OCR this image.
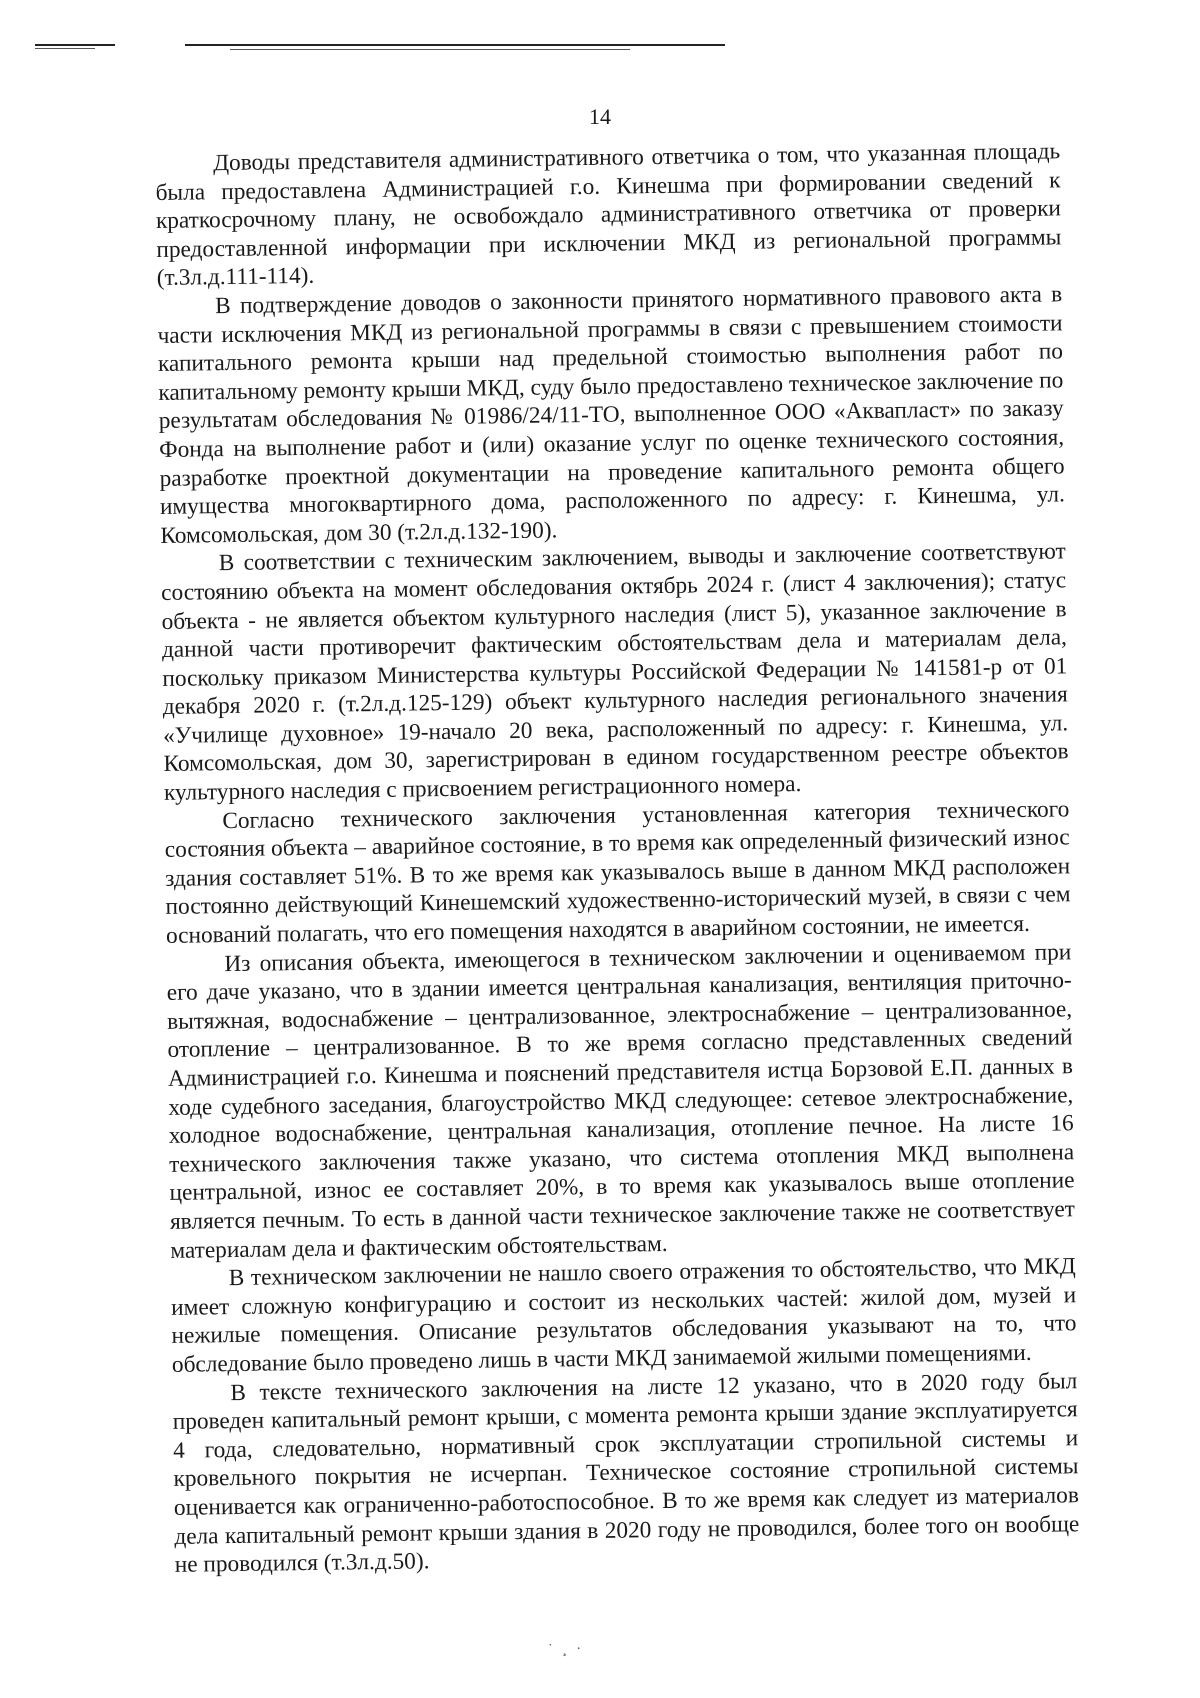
14

Доводы представителя административного ответчика о том, что указанная площадь была предоставлена Администрацией г.о. Кинешма при формировании сведений к краткосрочному плану, не освобождало административного ответчика от проверки предоставленной информации при исключении МКД из региональной программы (т.3л.д.111-114).

В подтверждение доводов о законности принятого нормативного правового акта в части исключения МКД из региональной программы в связи с превышением стоимости капитального ремонта крыши над предельной стоимостью выполнения работ по капитальному ремонту крыши МКД, суду было предоставлено техническое заключение по результатам обследования № 01986/24/11-ТО, выполненное ООО «Аквапласт» по заказу Фонда на выполнение работ и (или) оказание услуг по оценке технического состояния, разработке проектной документации на проведение капитального ремонта общего имущества многоквартирного дома, расположенного по адресу: г. Кинешма, ул. Комсомольская, дом 30 (т.2л.д.132-190).

В соответствии с техническим заключением, выводы и заключение соответствуют состоянию объекта на момент обследования октябрь 2024 г. (лист 4 заключения); статус объекта - не является объектом культурного наследия (лист 5), указанное заключение в данной части противоречит фактическим обстоятельствам дела и материалам дела, поскольку приказом Министерства культуры Российской Федерации № 141581-р от 01 декабря 2020 г. (т.2л.д.125-129) объект культурного наследия регионального значения «Училище духовное» 19-начало 20 века, расположенный по адресу: г. Кинешма, ул. Комсомольская, дом 30, зарегистрирован в едином государственном реестре объектов культурного наследия с присвоением регистрационного номера.

Согласно технического заключения установленная категория технического состояния объекта – аварийное состояние, в то время как определенный физический износ здания составляет 51%. В то же время как указывалось выше в данном МКД расположен постоянно действующий Кинешемский художественно-исторический музей, в связи с чем оснований полагать, что его помещения находятся в аварийном состоянии, не имеется.

Из описания объекта, имеющегося в техническом заключении и оцениваемом при его даче указано, что в здании имеется центральная канализация, вентиляция приточно-вытяжная, водоснабжение – централизованное, электроснабжение – централизованное, отопление – централизованное. В то же время согласно представленных сведений Администрацией г.о. Кинешма и пояснений представителя истца Борзовой Е.П. данных в ходе судебного заседания, благоустройство МКД следующее: сетевое электроснабжение, холодное водоснабжение, центральная канализация, отопление печное. На листе 16 технического заключения также указано, что система отопления МКД выполнена центральной, износ ее составляет 20%, в то время как указывалось выше отопление является печным. То есть в данной части техническое заключение также не соответствует материалам дела и фактическим обстоятельствам.

В техническом заключении не нашло своего отражения то обстоятельство, что МКД имеет сложную конфигурацию и состоит из нескольких частей: жилой дом, музей и нежилые помещения. Описание результатов обследования указывают на то, что обследование было проведено лишь в части МКД занимаемой жилыми помещениями.

В тексте технического заключения на листе 12 указано, что в 2020 году был проведен капитальный ремонт крыши, с момента ремонта крыши здание эксплуатируется 4 года, следовательно, нормативный срок эксплуатации стропильной системы и кровельного покрытия не исчерпан. Техническое состояние стропильной системы оценивается как ограниченно-работоспособное. В то же время как следует из материалов дела капитальный ремонт крыши здания в 2020 году не проводился, более того он вообще не проводился (т.3л.д.50).

˙ ¸ ·
